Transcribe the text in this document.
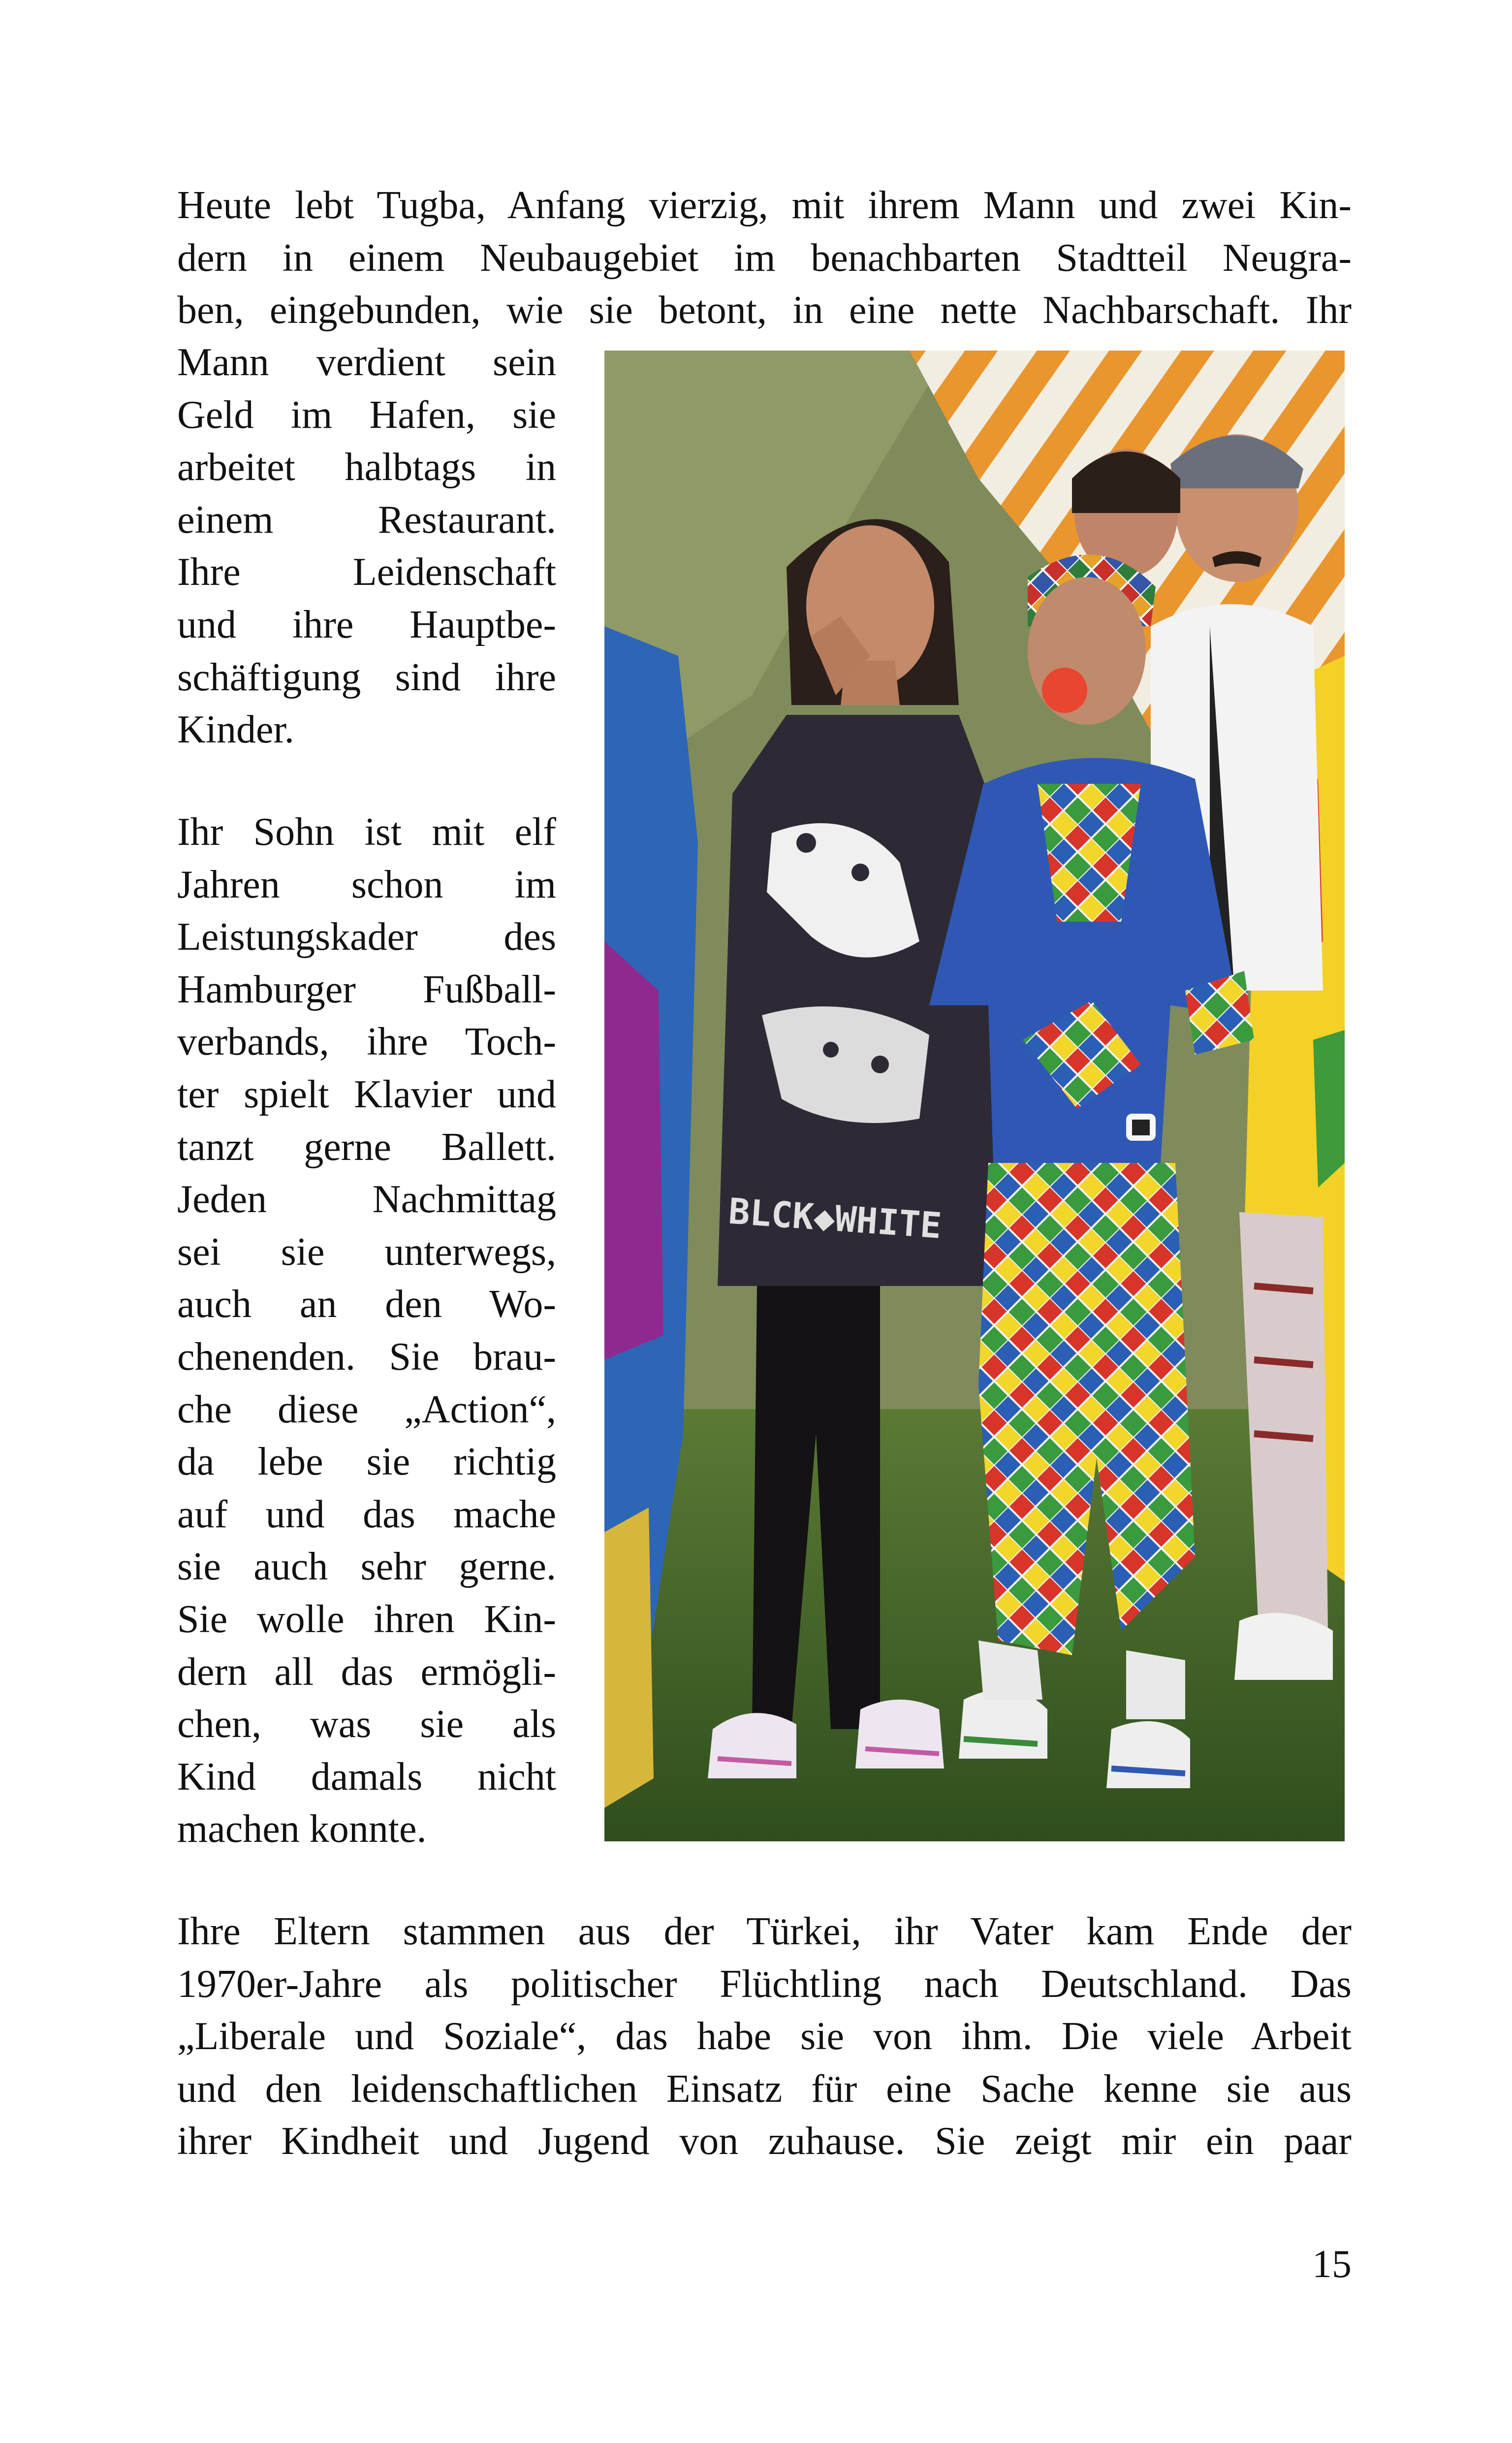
Heute lebt Tugba, Anfang vierzig, mit ihrem Mann und zwei Kin-
dern in einem Neubaugebiet im benachbarten Stadtteil Neugra-
ben, eingebunden, wie sie betont, in eine nette Nachbarschaft. Ihr
Mann verdient sein
Geld im Hafen, sie
arbeitet halbtags in
einem Restaurant.
Ihre Leidenschaft
und ihre Hauptbe-
schäftigung sind ihre
Kinder.
Ihr Sohn ist mit elf
Jahren schon im
Leistungskader des
Hamburger Fußball-
verbands, ihre Toch-
ter spielt Klavier und
tanzt gerne Ballett.
Jeden Nachmittag
sei sie unterwegs,
auch an den Wo-
chenenden. Sie brau-
che diese „Action“,
da lebe sie richtig
auf und das mache
sie auch sehr gerne.
Sie wolle ihren Kin-
dern all das ermögli-
chen, was sie als
Kind damals nicht
machen konnte.
BLCK◆WHITE
Ihre Eltern stammen aus der Türkei, ihr Vater kam Ende der
1970er-Jahre als politischer Flüchtling nach Deutschland. Das
„Liberale und Soziale“, das habe sie von ihm. Die viele Arbeit
und den leidenschaftlichen Einsatz für eine Sache kenne sie aus
ihrer Kindheit und Jugend von zuhause. Sie zeigt mir ein paar
15
